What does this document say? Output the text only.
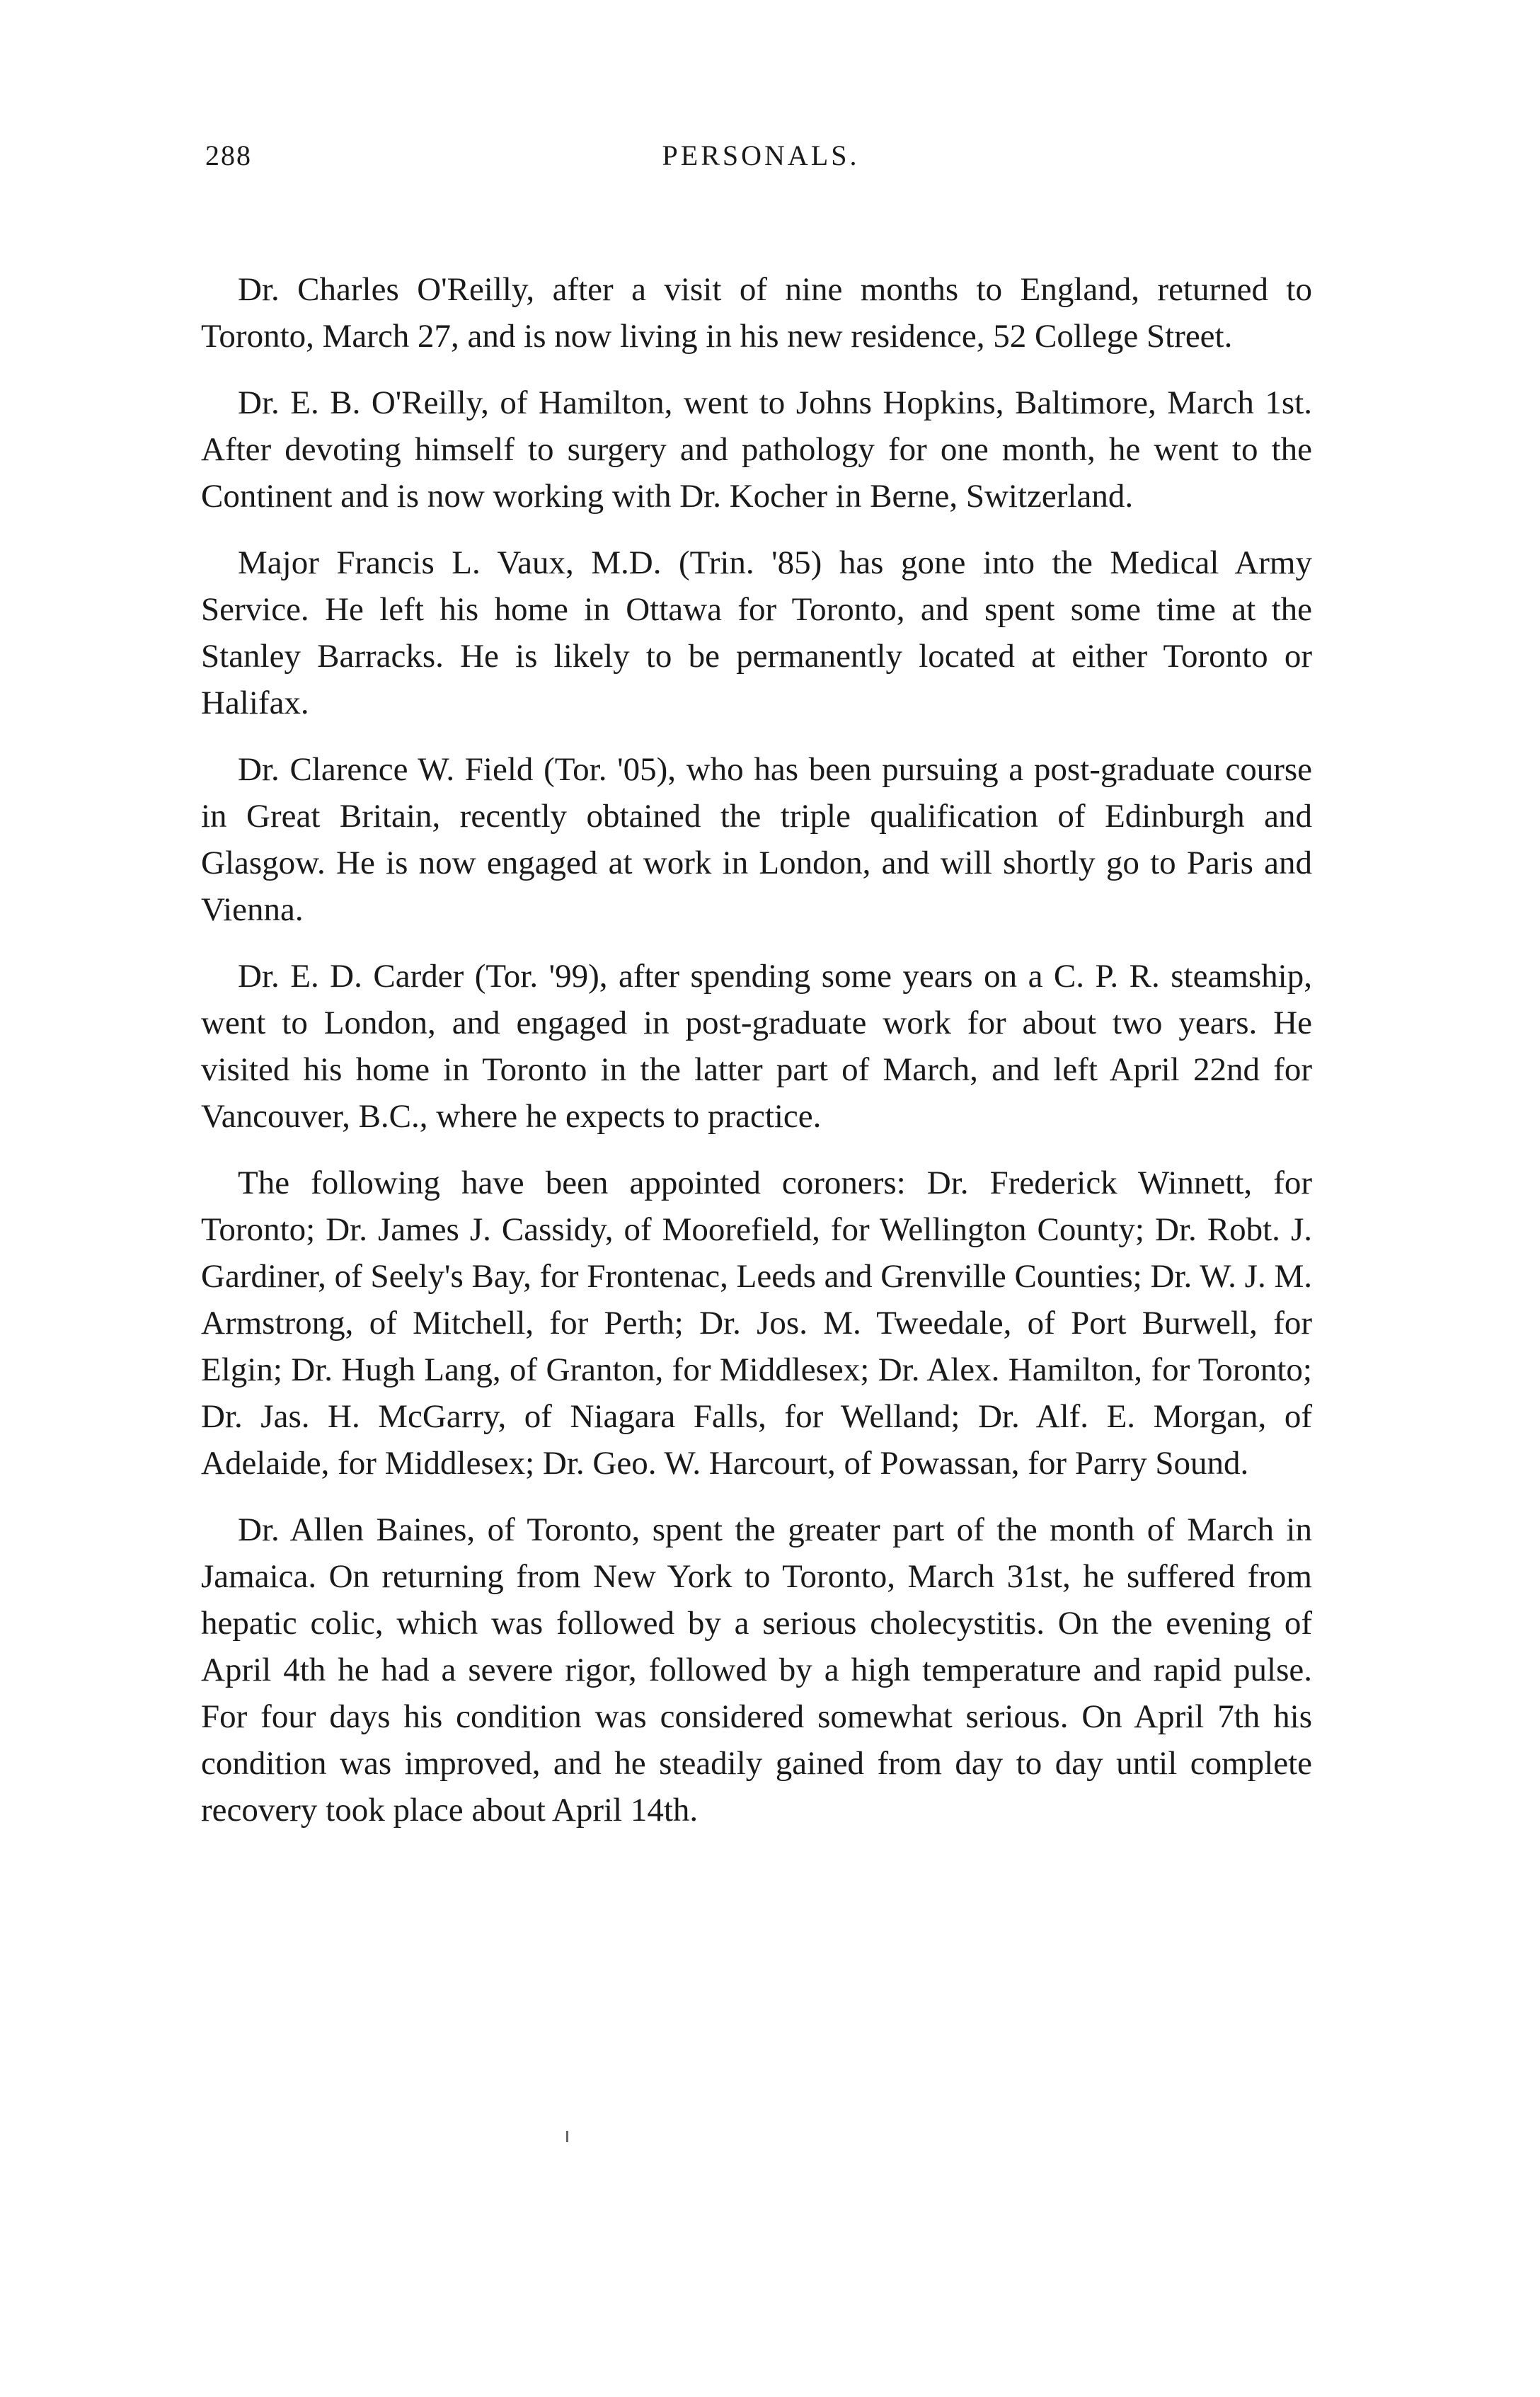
288	PERSONALS.

Dr. Charles O'Reilly, after a visit of nine months to England, returned to Toronto, March 27, and is now living in his new residence, 52 College Street.

Dr. E. B. O'Reilly, of Hamilton, went to Johns Hopkins, Baltimore, March 1st. After devoting himself to surgery and pathology for one month, he went to the Continent and is now working with Dr. Kocher in Berne, Switzerland.

Major Francis L. Vaux, M.D. (Trin. '85) has gone into the Medical Army Service. He left his home in Ottawa for Toronto, and spent some time at the Stanley Barracks. He is likely to be permanently located at either Toronto or Halifax.

Dr. Clarence W. Field (Tor. '05), who has been pursuing a post-graduate course in Great Britain, recently obtained the triple qualification of Edinburgh and Glasgow. He is now engaged at work in London, and will shortly go to Paris and Vienna.

Dr. E. D. Carder (Tor. '99), after spending some years on a C. P. R. steamship, went to London, and engaged in post-graduate work for about two years. He visited his home in Toronto in the latter part of March, and left April 22nd for Vancouver, B.C., where he expects to practice.

The following have been appointed coroners: Dr. Frederick Winnett, for Toronto; Dr. James J. Cassidy, of Moorefield, for Wellington County; Dr. Robt. J. Gardiner, of Seely's Bay, for Frontenac, Leeds and Grenville Counties; Dr. W. J. M. Armstrong, of Mitchell, for Perth; Dr. Jos. M. Tweedale, of Port Burwell, for Elgin; Dr. Hugh Lang, of Granton, for Middlesex; Dr. Alex. Hamilton, for Toronto; Dr. Jas. H. McGarry, of Niagara Falls, for Welland; Dr. Alf. E. Morgan, of Adelaide, for Middlesex; Dr. Geo. W. Harcourt, of Powassan, for Parry Sound.

Dr. Allen Baines, of Toronto, spent the greater part of the month of March in Jamaica. On returning from New York to Toronto, March 31st, he suffered from hepatic colic, which was followed by a serious cholecystitis. On the evening of April 4th he had a severe rigor, followed by a high temperature and rapid pulse. For four days his condition was considered somewhat serious. On April 7th his condition was improved, and he steadily gained from day to day until complete recovery took place about April 14th.
